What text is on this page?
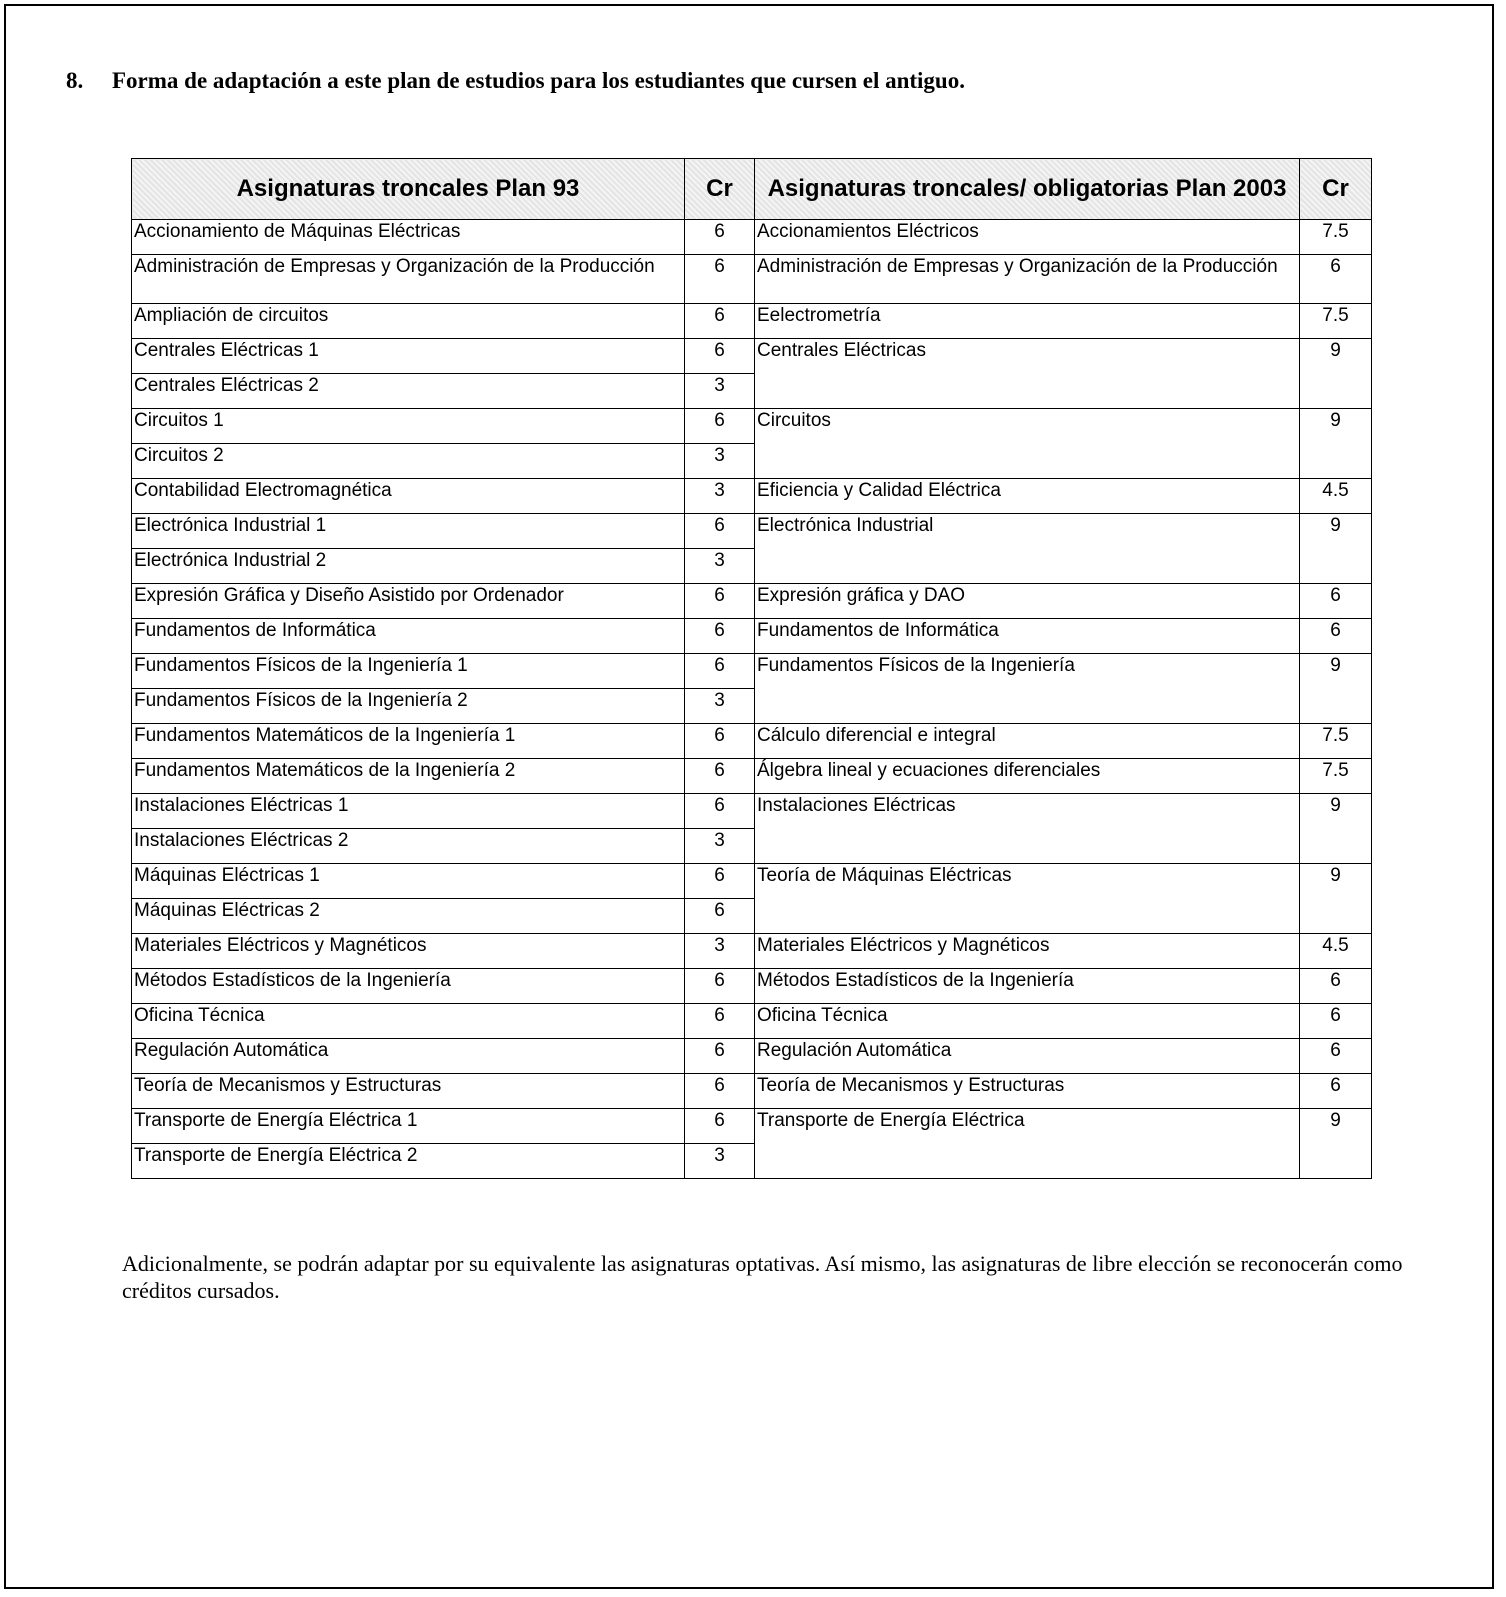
8. Forma de adaptación a este plan de estudios para los estudiantes que cursen el antiguo.
Asignaturas troncales Plan 93	Cr	Asignaturas troncales/ obligatorias Plan 2003	Cr
Accionamiento de Máquinas Eléctricas	6	Accionamientos Eléctricos	7.5
Administración de Empresas y Organización de la Producción	6	Administración de Empresas y Organización de la Producción	6
Ampliación de circuitos	6	Eelectrometría	7.5
Centrales Eléctricas 1	6	Centrales Eléctricas	9
Centrales Eléctricas 2	3		
Circuitos 1	6	Circuitos	9
Circuitos 2	3		
Contabilidad Electromagnética	3	Eficiencia y Calidad Eléctrica	4.5
Electrónica Industrial 1	6	Electrónica Industrial	9
Electrónica Industrial 2	3		
Expresión Gráfica y Diseño Asistido por Ordenador	6	Expresión gráfica y DAO	6
Fundamentos de Informática	6	Fundamentos de Informática	6
Fundamentos Físicos de la Ingeniería 1	6	Fundamentos Físicos de la Ingeniería	9
Fundamentos Físicos de la Ingeniería 2	3		
Fundamentos Matemáticos de la Ingeniería 1	6	Cálculo diferencial e integral	7.5
Fundamentos Matemáticos de la Ingeniería 2	6	Álgebra lineal y ecuaciones diferenciales	7.5
Instalaciones Eléctricas 1	6	Instalaciones Eléctricas	9
Instalaciones Eléctricas 2	3		
Máquinas Eléctricas 1	6	Teoría de Máquinas Eléctricas	9
Máquinas Eléctricas 2	6		
Materiales Eléctricos y Magnéticos	3	Materiales Eléctricos y Magnéticos	4.5
Métodos Estadísticos de la Ingeniería	6	Métodos Estadísticos de la Ingeniería	6
Oficina Técnica	6	Oficina Técnica	6
Regulación Automática	6	Regulación Automática	6
Teoría de Mecanismos y Estructuras	6	Teoría de Mecanismos y Estructuras	6
Transporte de Energía Eléctrica 1	6	Transporte de Energía Eléctrica	9
Transporte de Energía Eléctrica 2	3		
Adicionalmente, se podrán adaptar por su equivalente las asignaturas optativas. Así mismo, las asignaturas de libre elección se reconocerán como créditos cursados.
